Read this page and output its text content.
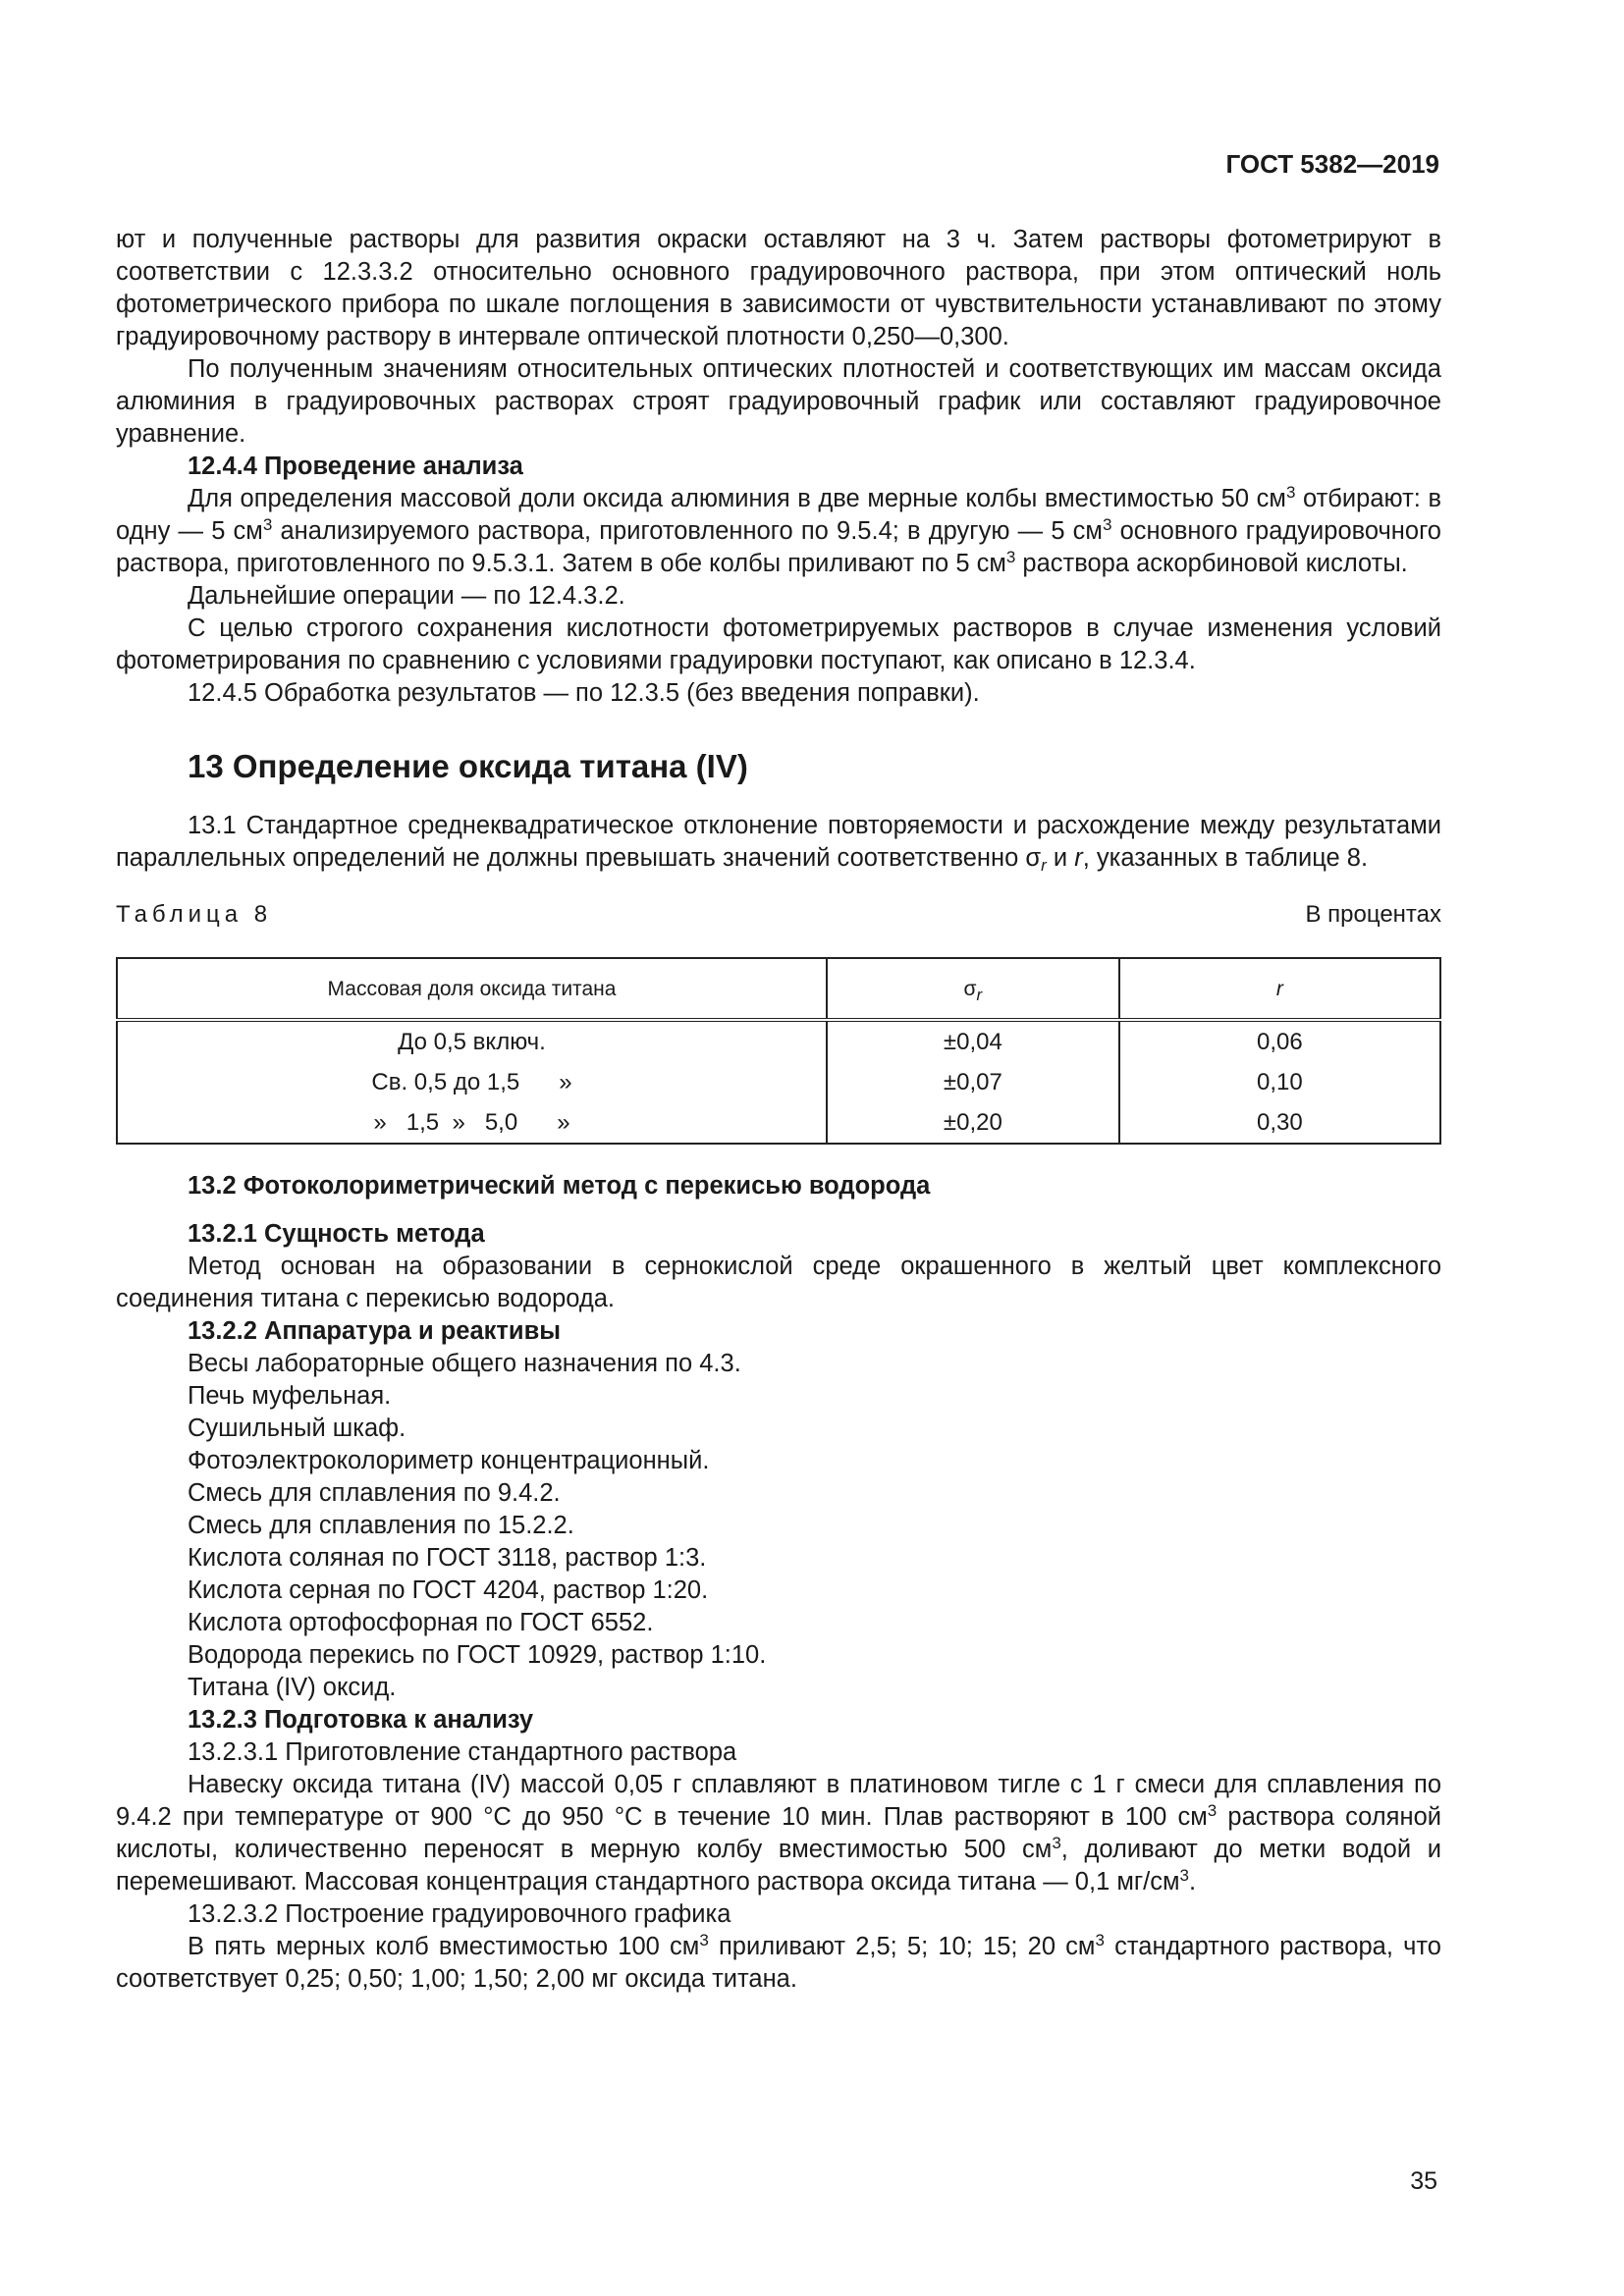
ГОСТ 5382—2019

ют и полученные растворы для развития окраски оставляют на 3 ч. Затем растворы фотометрируют в соответствии с 12.3.3.2 относительно основного градуировочного раствора, при этом оптический ноль фотометрического прибора по шкале поглощения в зависимости от чувствительности устанавливают по этому градуировочному раствору в интервале оптической плотности 0,250—0,300.

По полученным значениям относительных оптических плотностей и соответствующих им массам оксида алюминия в градуировочных растворах строят градуировочный график или составляют градуировочное уравнение.

12.4.4 Проведение анализа

Для определения массовой доли оксида алюминия в две мерные колбы вместимостью 50 $см^3$ отбирают: в одну — 5 $см^3$ анализируемого раствора, приготовленного по 9.5.4; в другую — 5 $см^3$ основного градуировочного раствора, приготовленного по 9.5.3.1. Затем в обе колбы приливают по 5 $см^3$ раствора аскорбиновой кислоты.

Дальнейшие операции — по 12.4.3.2.

С целью строгого сохранения кислотности фотометрируемых растворов в случае изменения условий фотометрирования по сравнению с условиями градуировки поступают, как описано в 12.3.4.

12.4.5 Обработка результатов — по 12.3.5 (без введения поправки).

13 Определение оксида титана (IV)

13.1 Стандартное среднеквадратическое отклонение повторяемости и расхождение между результатами параллельных определений не должны превышать значений соответственно $\sigma_r$ и r, указанных в таблице 8.

Таблица 8	В процентах
Массовая доля оксида титана	$\sigma_r$	r
До 0,5 включ.	±0,04	0,06
Св. 0,5 до 1,5      »	±0,07	0,10
»   1,5  »   5,0      »	±0,20	0,30

13.2 Фотоколориметрический метод с перекисью водорода

13.2.1 Сущность метода

Метод основан на образовании в сернокислой среде окрашенного в желтый цвет комплексного соединения титана с перекисью водорода.

13.2.2 Аппаратура и реактивы

Весы лабораторные общего назначения по 4.3.

Печь муфельная.

Сушильный шкаф.

Фотоэлектроколориметр концентрационный.

Смесь для сплавления по 9.4.2.

Смесь для сплавления по 15.2.2.

Кислота соляная по ГОСТ 3118, раствор 1:3.

Кислота серная по ГОСТ 4204, раствор 1:20.

Кислота ортофосфорная по ГОСТ 6552.

Водорода перекись по ГОСТ 10929, раствор 1:10.

Титана (IV) оксид.

13.2.3 Подготовка к анализу

13.2.3.1 Приготовление стандартного раствора

Навеску оксида титана (IV) массой 0,05 г сплавляют в платиновом тигле с 1 г смеси для сплавления по 9.4.2 при температуре от 900 °С до 950 °С в течение 10 мин. Плав растворяют в 100 $см^3$ раствора соляной кислоты, количественно переносят в мерную колбу вместимостью 500 $см^3$, доливают до метки водой и перемешивают. Массовая концентрация стандартного раствора оксида титана — 0,1 $мг/см^3$.

13.2.3.2 Построение градуировочного графика

В пять мерных колб вместимостью 100 $см^3$ приливают 2,5; 5; 10; 15; 20 $см^3$ стандартного раствора, что соответствует 0,25; 0,50; 1,00; 1,50; 2,00 мг оксида титана.

35
